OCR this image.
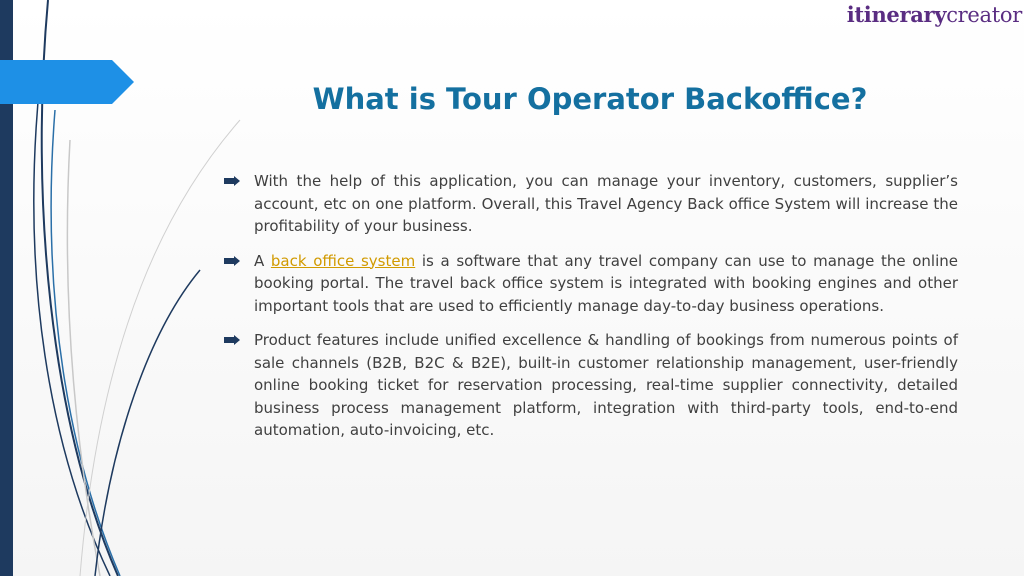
itinerarycreator
What is Tour Operator Backoffice?
With the help of this application, you can manage your inventory, customers, supplier’s account, etc on one platform. Overall, this Travel Agency Back office System will increase the profitability of your business.
A back office system is a software that any travel company can use to manage the online booking portal. The travel back office system is integrated with booking engines and other important tools that are used to efficiently manage day-to-day business operations.
Product features include unified excellence & handling of bookings from numerous points of sale channels (B2B, B2C & B2E), built-in customer relationship management, user-friendly online booking ticket for reservation processing, real-time supplier connectivity, detailed business process management platform, integration with third-party tools, end-to-end automation, auto-invoicing, etc.
